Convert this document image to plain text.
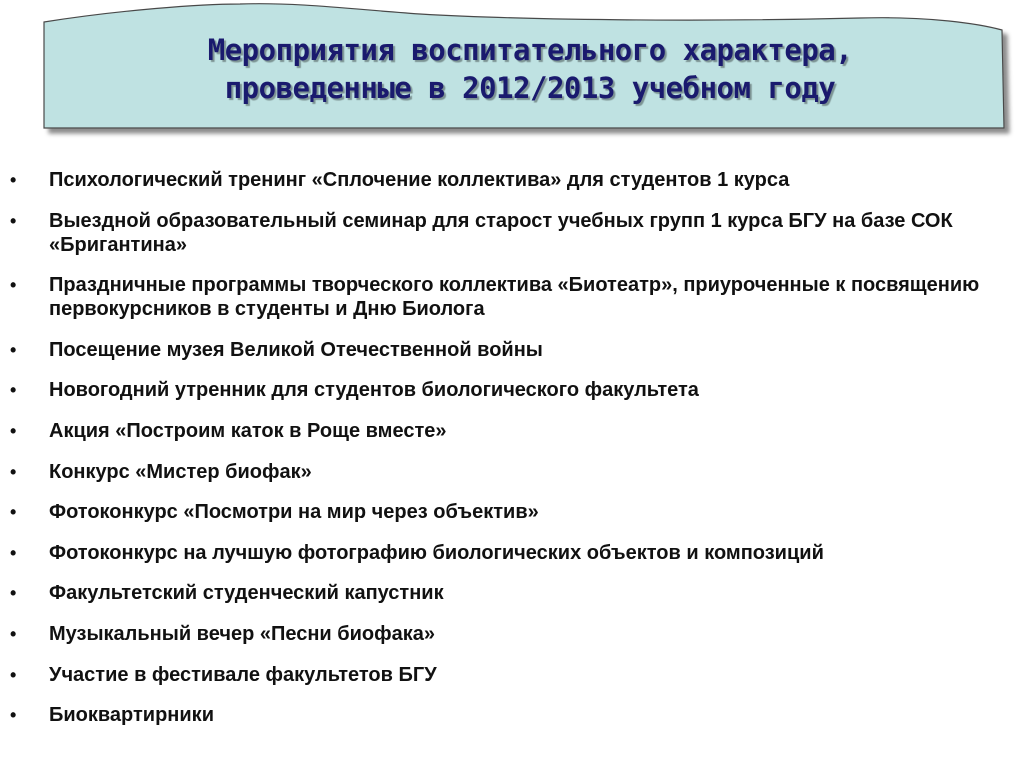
Мероприятия воспитательного характера,
проведенные в 2012/2013 учебном году
• Психологический тренинг «Сплочение коллектива» для студентов 1 курса
• Выездной образовательный семинар для старост учебных групп 1 курса БГУ на базе СОК «Бригантина»
• Праздничные программы творческого коллектива «Биотеатр», приуроченные к посвящению первокурсников в студенты и Дню Биолога
• Посещение музея Великой Отечественной войны
• Новогодний утренник для студентов биологического факультета
• Акция «Построим каток в Роще вместе»
• Конкурс «Мистер биофак»
• Фотоконкурс «Посмотри на мир через объектив»
• Фотоконкурс на лучшую фотографию биологических объектов и композиций
• Факультетский студенческий капустник
• Музыкальный вечер «Песни биофака»
• Участие в фестивале факультетов БГУ
• Биоквартирники
